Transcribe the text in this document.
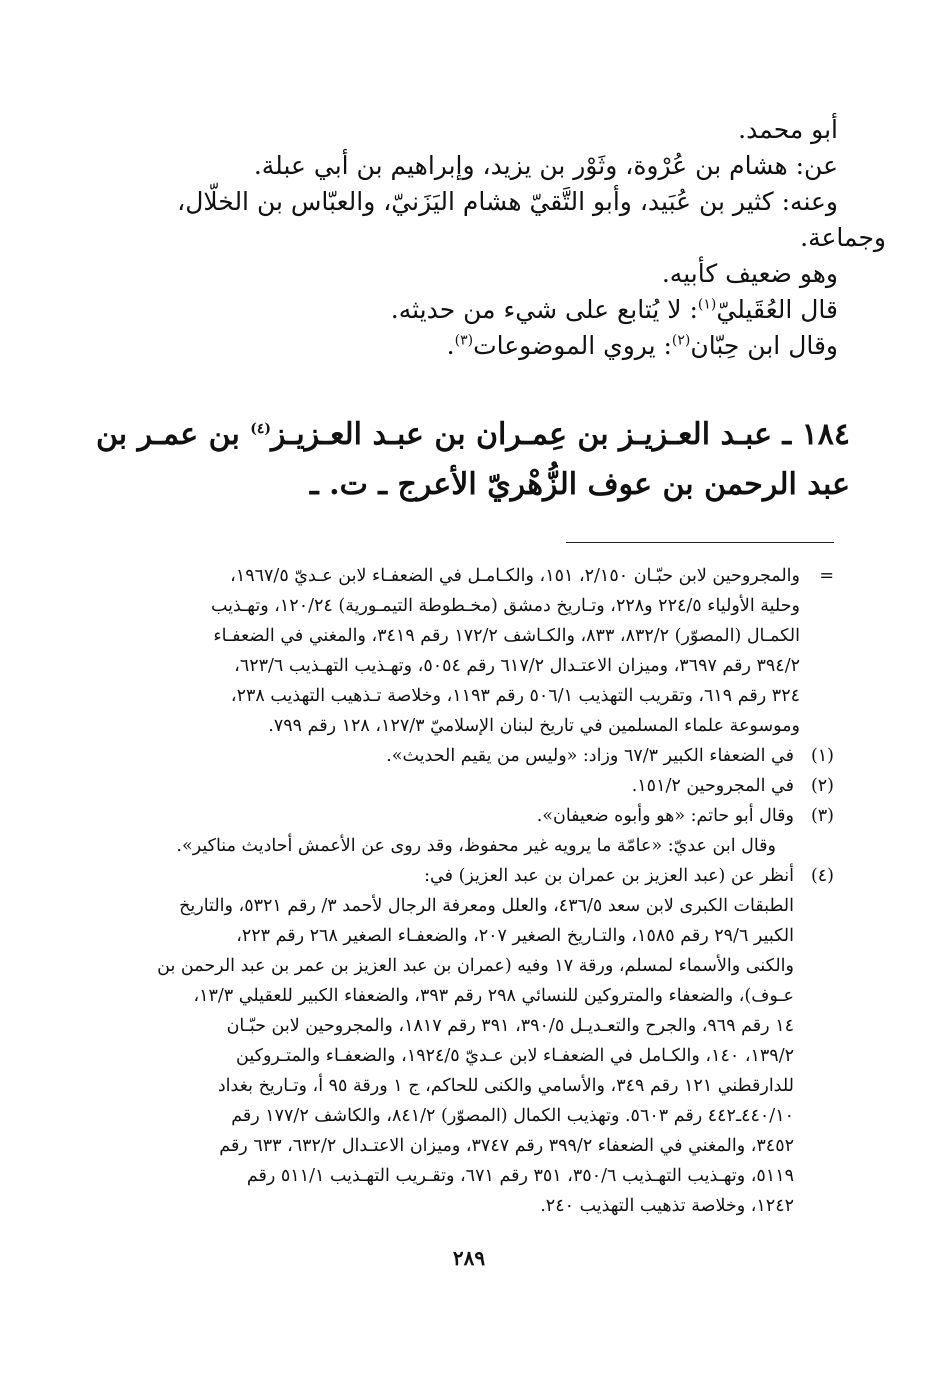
أبو محمد.

عن: هشام بن عُرْوة، وثَوْر بن يزيد، وإبراهيم بن أبي عبلة.

وعنه: كثير بن عُبَيد، وأبو التَّقيّ هشام اليَزَنيّ، والعبّاس بن الخلّال،

وجماعة.

وهو ضعيف كأبيه.

قال العُقَيليّ$^{(١)}$: لا يُتابع على شيء من حديثه.

وقال ابن حِبّان$^{(٢)}$: يروي الموضوعات$^{(٣)}$.

١٨٤ ـ عبـد العـزيـز بن عِمـران بن عبـد العـزيـز$^{(٤)}$ بن عمـر بن

عبد الرحمن بن عوف الزُّهْريّ الأعرج ـ ت. ـ

=والمجروحين لابن حبّـان ٢/١٥٠، ١٥١، والكـامـل في الضعفـاء لابن عـديّ ١٩٦٧/٥،

وحلية الأولياء ٢٢٤/٥ و٢٢٨، وتـاريخ دمشق (مخـطوطة التيمـورية) ١٢٠/٢٤، وتهـذيب

الكمـال (المصوّر) ٨٣٢/٢، ٨٣٣، والكـاشف ١٧٢/٢ رقم ٣٤١٩، والمغني في الضعفـاء

٣٩٤/٢ رقم ٣٦٩٧، وميزان الاعتـدال ٦١٧/٢ رقم ٥٠٥٤، وتهـذيب التهـذيب ٦٢٣/٦،

٣٢٤ رقم ٦١٩، وتقريب التهذيب ٥٠٦/١ رقم ١١٩٣، وخلاصة تـذهيب التهذيب ٢٣٨،

وموسوعة علماء المسلمين في تاريخ لبنان الإسلاميّ ١٢٧/٣، ١٢٨ رقم ٧٩٩.

(١)في الضعفاء الكبير ٦٧/٣ وزاد: «وليس من يقيم الحديث».

(٢)في المجروحين ١٥١/٢.

(٣)وقال أبو حاتم: «هو وأبوه ضعيفان».

وقال ابن عديّ: «عامّة ما يرويه غير محفوظ، وقد روى عن الأعمش أحاديث مناكير».

(٤)أنظر عن (عبد العزيز بن عمران بن عبد العزيز) في:

الطبقات الكبرى لابن سعد ٤٣٦/٥، والعلل ومعرفة الرجال لأحمد ٣/ رقم ٥٣٢١، والتاريخ

الكبير ٢٩/٦ رقم ١٥٨٥، والتـاريخ الصغير ٢٠٧، والضعفـاء الصغير ٢٦٨ رقم ٢٢٣،

والكنى والأسماء لمسلم، ورقة ١٧ وفيه (عمران بن عبد العزيز بن عمر بن عبد الرحمن بن

عـوف)، والضعفاء والمتروكين للنسائي ٢٩٨ رقم ٣٩٣، والضعفاء الكبير للعقيلي ١٣/٣،

١٤ رقم ٩٦٩، والجرح والتعـديـل ٣٩٠/٥، ٣٩١ رقم ١٨١٧، والمجروحين لابن حبّـان

١٣٩/٢، ١٤٠، والكـامل في الضعفـاء لابن عـديّ ١٩٢٤/٥، والضعفـاء والمتـروكين

للدارقطني ١٢١ رقم ٣٤٩، والأسامي والكنى للحاكم، ج ١ ورقة ٩٥ أ، وتـاريخ بغداد

٤٤٠/١٠ـ٤٤٢ رقم ٥٦٠٣. وتهذيب الكمال (المصوّر) ٨٤١/٢، والكاشف ١٧٧/٢ رقم

٣٤٥٢، والمغني في الضعفاء ٣٩٩/٢ رقم ٣٧٤٧، وميزان الاعتـدال ٦٣٢/٢، ٦٣٣ رقم

٥١١٩، وتهـذيب التهـذيب ٣٥٠/٦، ٣٥١ رقم ٦٧١، وتقـريب التهـذيب ٥١١/١ رقم

١٢٤٢، وخلاصة تذهيب التهذيب ٢٤٠.

٢٨٩
